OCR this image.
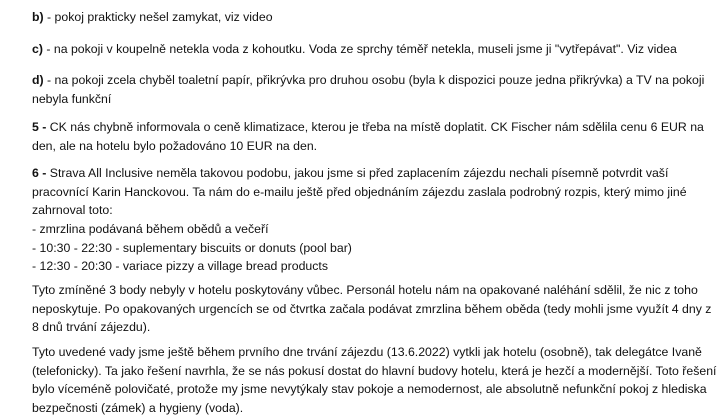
b) - pokoj prakticky nešel zamykat, viz video

c) - na pokoji v koupelně netekla voda z kohoutku. Voda ze sprchy téměř netekla, museli jsme ji "vytřepávat". Viz videa

d) - na pokoji zcela chyběl toaletní papír, přikrývka pro druhou osobu (byla k dispozici pouze jedna přikrývka) a TV na pokoji
nebyla funkční

5 - CK nás chybně informovala o ceně klimatizace, kterou je třeba na místě doplatit. CK Fischer nám sdělila cenu 6 EUR na
den, ale na hotelu bylo požadováno 10 EUR na den.

6 - Strava All Inclusive neměla takovou podobu, jakou jsme si před zaplacením zájezdu nechali písemně potvrdit vaší
pracovnící Karin Hanckovou. Ta nám do e-mailu ještě před objednáním zájezdu zaslala podrobný rozpis, který mimo jiné
zahrnoval toto:

- zmrzlina podávaná během obědů a večeří
- 10:30 - 22:30 - suplementary biscuits or donuts (pool bar)
- 12:30 - 20:30 - variace pizzy a village bread products

Tyto zmíněné 3 body nebyly v hotelu poskytovány vůbec. Personál hotelu nám na opakované naléhání sdělil, že nic z toho
neposkytuje. Po opakovaných urgencích se od čtvrtka začala podávat zmrzlina během oběda (tedy mohli jsme využít 4 dny z
8 dnů trvání zájezdu).

Tyto uvedené vady jsme ještě během prvního dne trvání zájezdu (13.6.2022) vytkli jak hotelu (osobně), tak delegátce Ivaně
(telefonicky). Ta jako řešení navrhla, že se nás pokusí dostat do hlavní budovy hotelu, která je hezčí a modernější. Toto řešení
bylo víceméně polovičaté, protože my jsme nevytýkaly stav pokoje a nemodernost, ale absolutně nefunkční pokoj z hlediska
bezpečnosti (zámek) a hygieny (voda).
